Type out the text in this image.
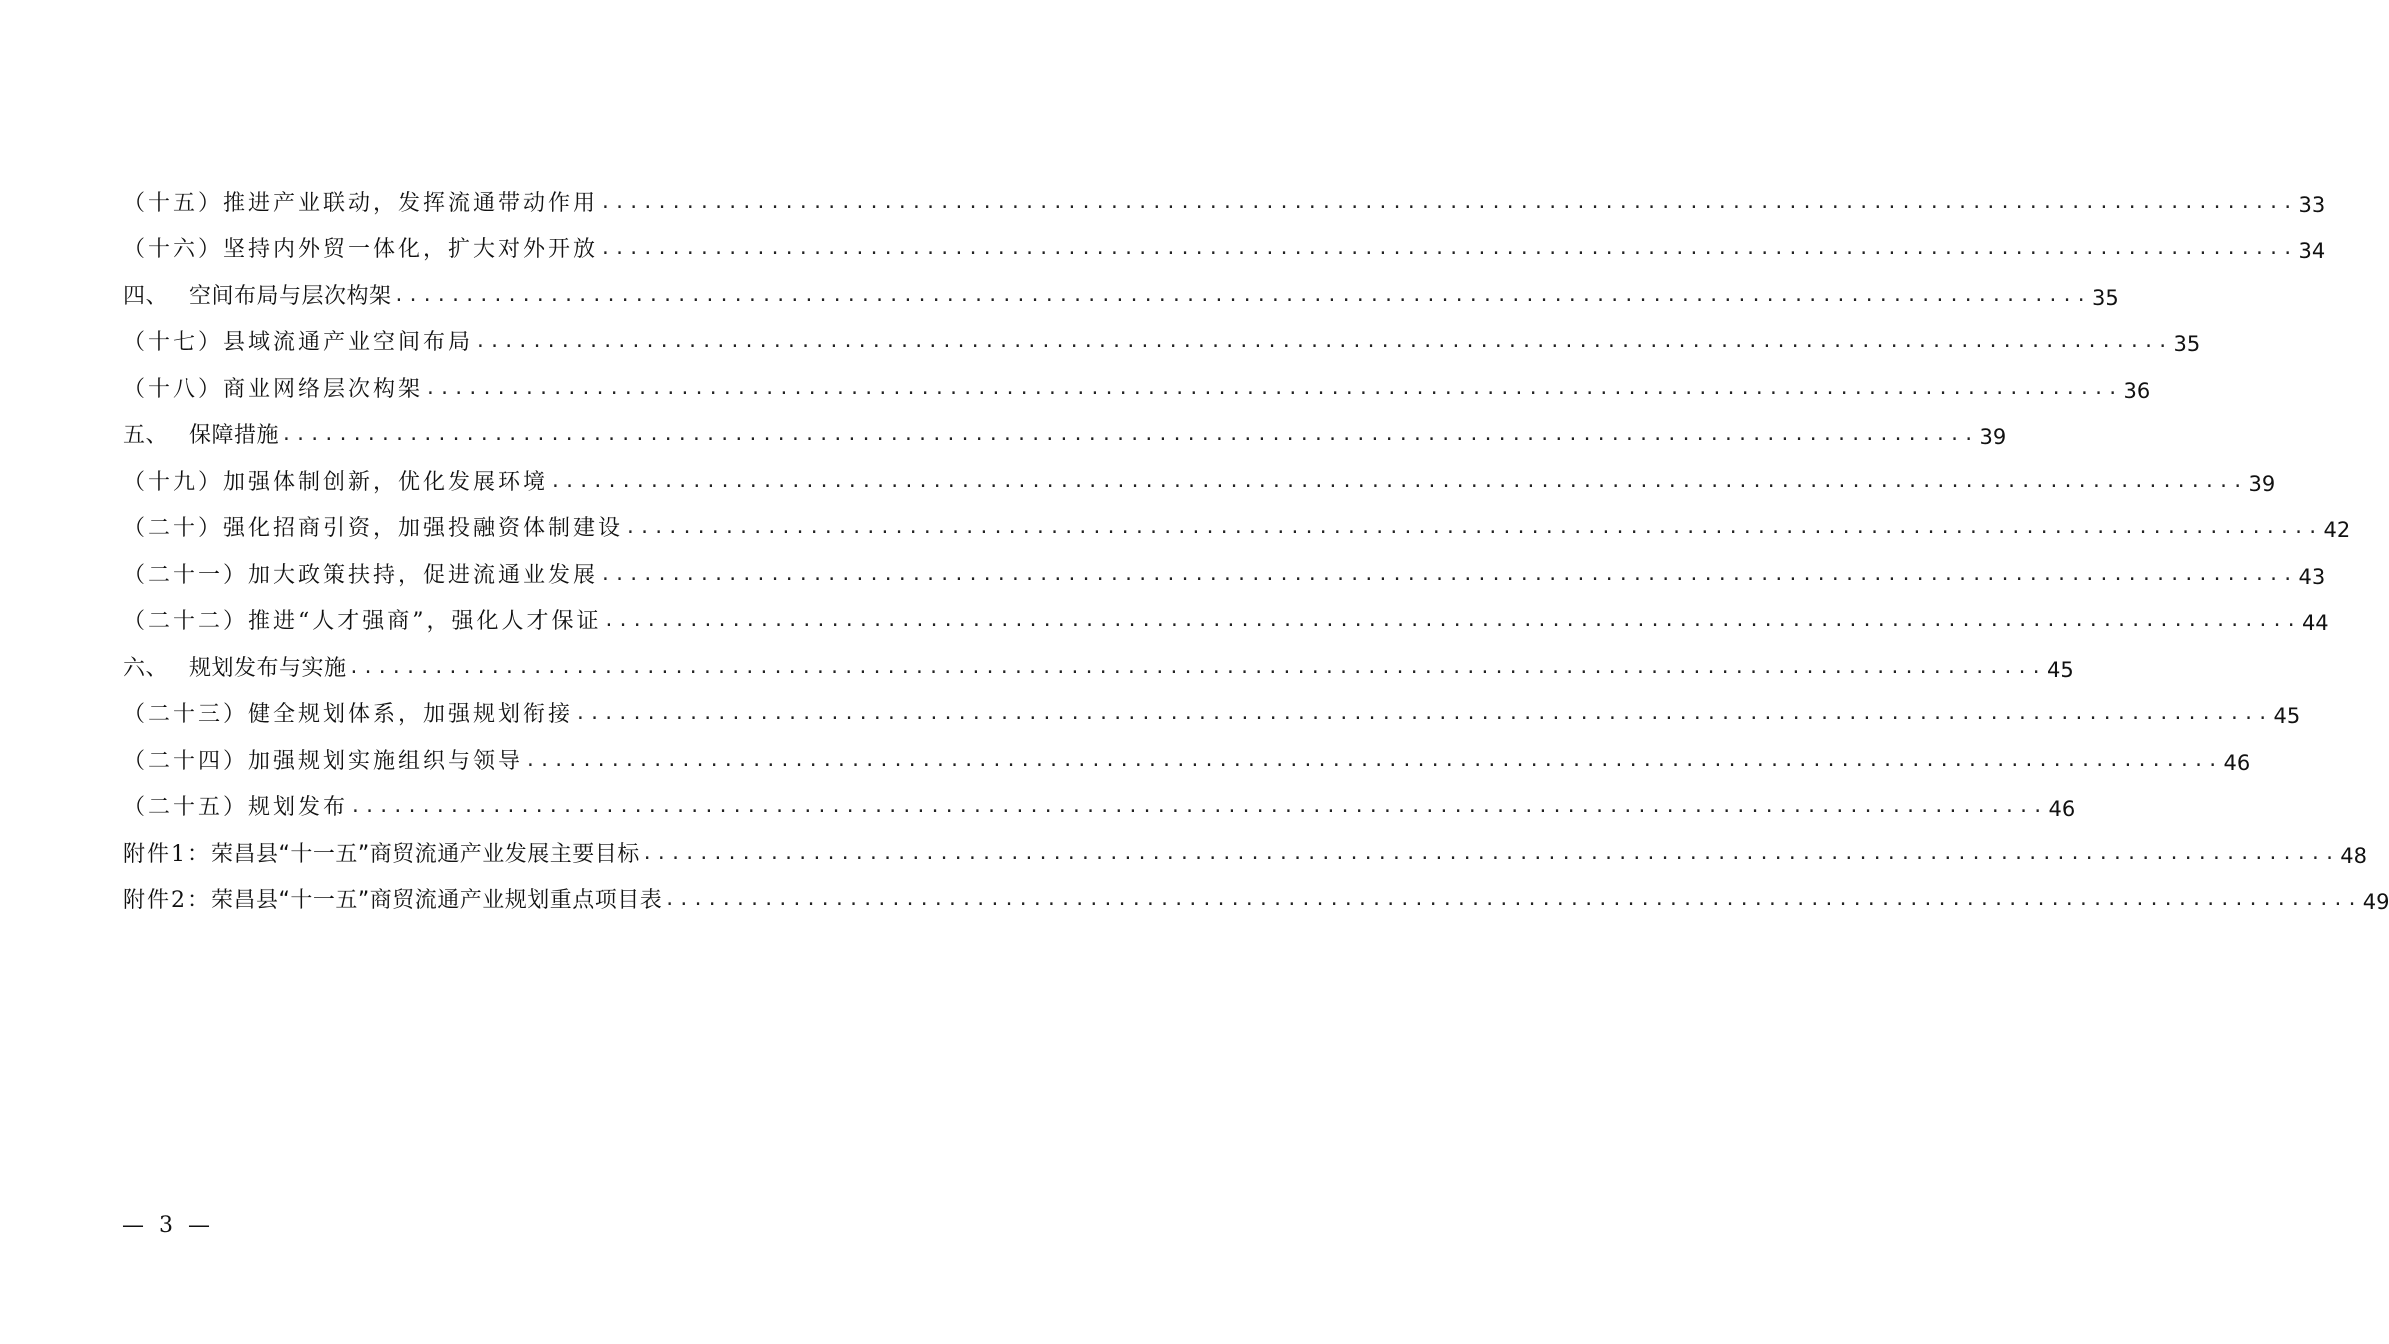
（十五）推进产业联动，发挥流通带动作用 ........................................................................................................................ 33
（十六）坚持内外贸一体化，扩大对外开放 ........................................................................................................................ 34
四、 空间布局与层次构架 ........................................................................................................................ 35
（十七）县域流通产业空间布局 ........................................................................................................................ 35
（十八）商业网络层次构架 ........................................................................................................................ 36
五、 保障措施 ........................................................................................................................ 39
（十九）加强体制创新，优化发展环境 ........................................................................................................................ 39
（二十）强化招商引资，加强投融资体制建设 ........................................................................................................................ 42
（二十一）加大政策扶持，促进流通业发展 ........................................................................................................................ 43
（二十二）推进“人才强商”，强化人才保证 ........................................................................................................................ 44
六、 规划发布与实施 ........................................................................................................................ 45
（二十三）健全规划体系，加强规划衔接 ........................................................................................................................ 45
（二十四）加强规划实施组织与领导 ........................................................................................................................ 46
（二十五）规划发布 ........................................................................................................................ 46
附件1：荣昌县“十一五”商贸流通产业发展主要目标 ........................................................................................................................ 48
附件2：荣昌县“十一五”商贸流通产业规划重点项目表 ........................................................................................................................ 49
— 3 —
